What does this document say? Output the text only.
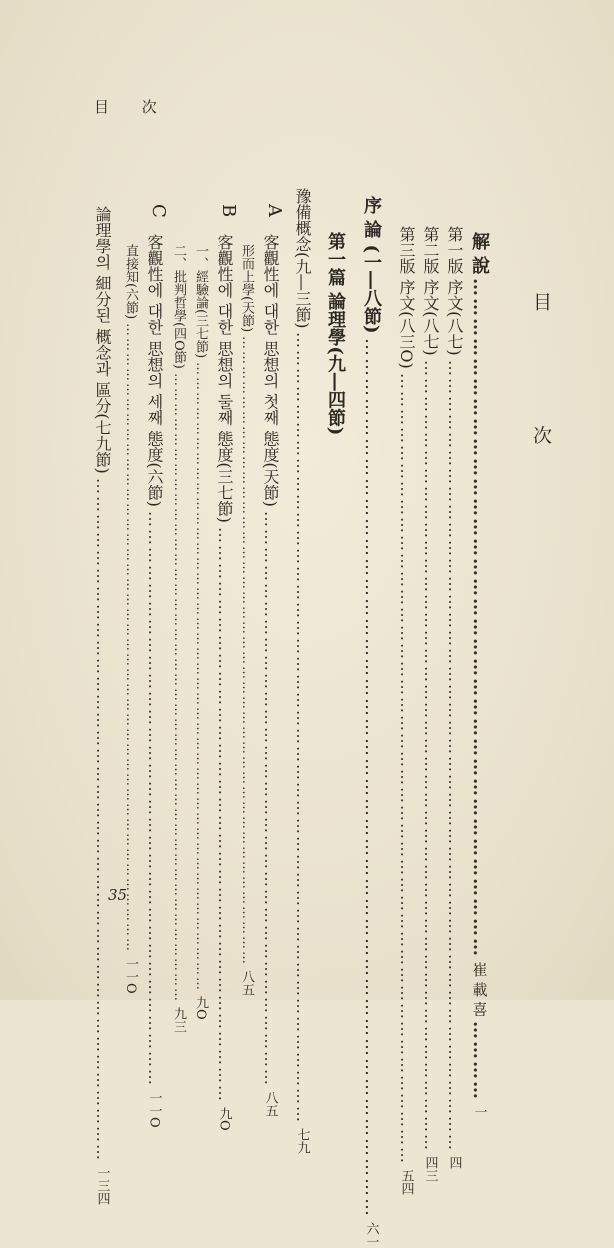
目 次
目 次
解 說
…………………………………………………………………………………………
崔 載 喜
…………
一
第一版 序文(八七)
……………………………………………………………………………………………………………………
四
第二版 序文(八七)
……………………………………………………………………………………………………………………
四三
第三版 序文(八三O)
……………………………………………………………………………………………………………………
五四
序 論 (一―八節)
……………………………………………………………………………………………………………………
六一
第一篇 論理學(九―四節)
豫備概念(九―三節)
……………………………………………………………………………………………………………………
七九
A
客觀性에 대한 思想의 첫째 態度(天節)
……………………………………………………………………………………
八五
形而上學(天節)
………………………………………………………………………………………………………………
八五
B
客觀性에 대한 思想의 둘째 態度(三七節)
……………………………………………………………………………………
九O
一、經驗論(三七節)
………………………………………………………………………………………………………………
九O
二、批判哲學(四O節)
………………………………………………………………………………………………………………
九三
C
客觀性에 대한 思想의 세째 態度(六節)
……………………………………………………………………………………
一一O
直接知(六節)
………………………………………………………………………………………………………………
一一O
論理學의 細分된 概念과 區分(七九節)
……………………………………………………………………………………………………
一三四
35
